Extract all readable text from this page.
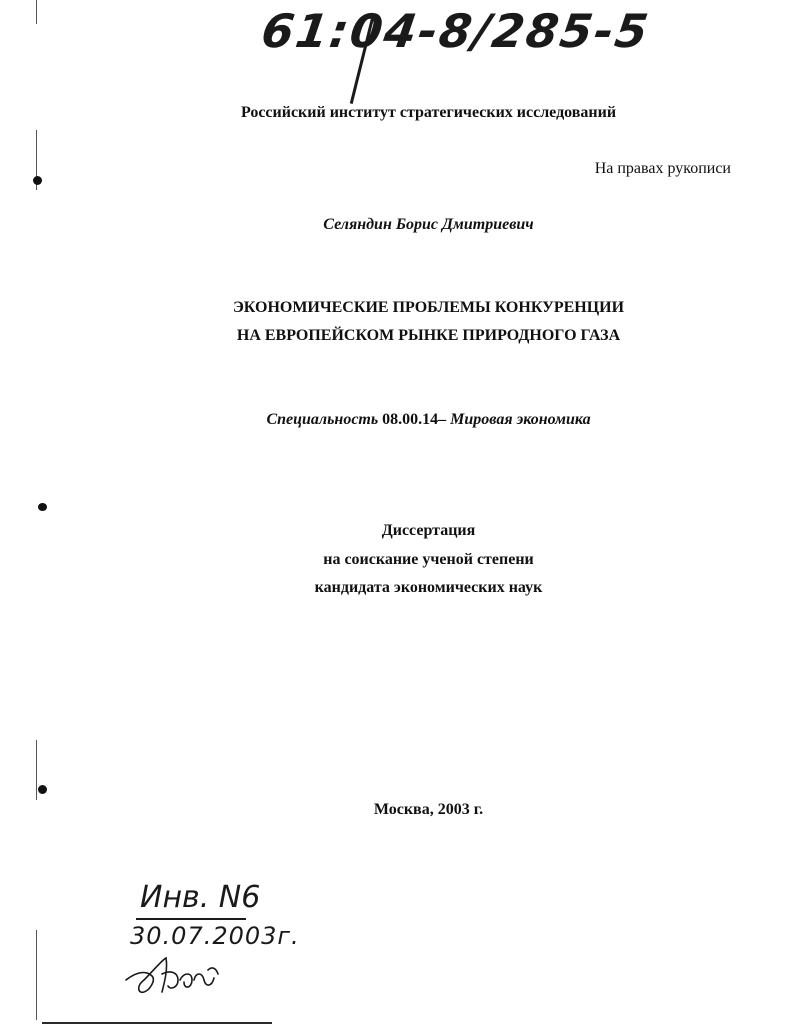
61:04-8/285-5
Российский институт стратегических исследований
На правах рукописи
Селяндин Борис Дмитриевич
ЭКОНОМИЧЕСКИЕ ПРОБЛЕМЫ КОНКУРЕНЦИИ
НА ЕВРОПЕЙСКОМ РЫНКЕ ПРИРОДНОГО ГАЗА
Специальность 08.00.14– Мировая экономика
Диссертация
на соискание ученой степени
кандидата экономических наук
Москва, 2003 г.
Инв. N6
30.07.2003г.
